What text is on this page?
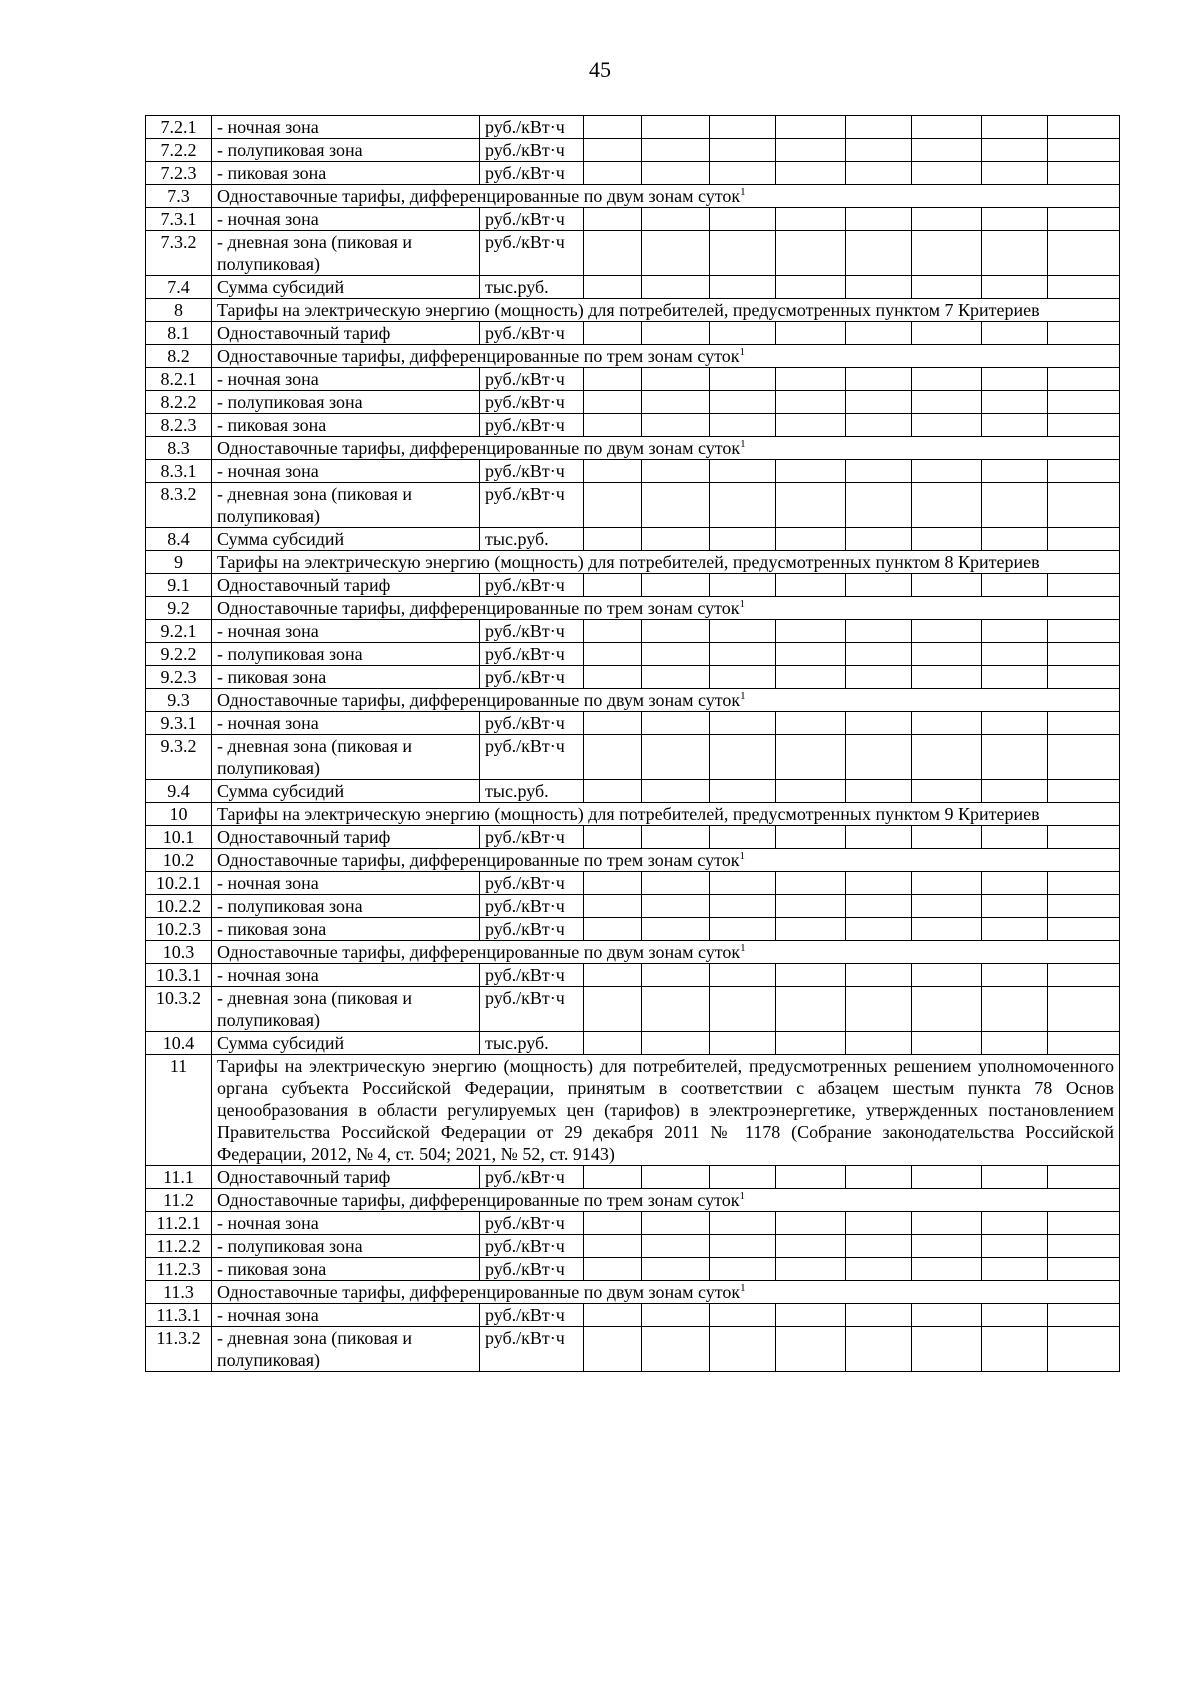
45
7.2.1	- ночная зона	руб./кВт·ч								
7.2.2	- полупиковая зона	руб./кВт·ч								
7.2.3	- пиковая зона	руб./кВт·ч								
7.3	Одноставочные тарифы, дифференцированные по двум зонам суток$^1$
7.3.1	- ночная зона	руб./кВт·ч								
7.3.2	- дневная зона (пиковая и полупиковая)	руб./кВт·ч								
7.4	Сумма субсидий	тыс.руб.								
8	Тарифы на электрическую энергию (мощность) для потребителей, предусмотренных пунктом 7 Критериев									
8.1	Одноставочный тариф	руб./кВт·ч								
8.2	Одноставочные тарифы, дифференцированные по трем зонам суток$^1$
8.2.1	- ночная зона	руб./кВт·ч								
8.2.2	- полупиковая зона	руб./кВт·ч								
8.2.3	- пиковая зона	руб./кВт·ч								
8.3	Одноставочные тарифы, дифференцированные по двум зонам суток$^1$
8.3.1	- ночная зона	руб./кВт·ч								
8.3.2	- дневная зона (пиковая и полупиковая)	руб./кВт·ч								
8.4	Сумма субсидий	тыс.руб.								
9	Тарифы на электрическую энергию (мощность) для потребителей, предусмотренных пунктом 8 Критериев									
9.1	Одноставочный тариф	руб./кВт·ч								
9.2	Одноставочные тарифы, дифференцированные по трем зонам суток$^1$
9.2.1	- ночная зона	руб./кВт·ч								
9.2.2	- полупиковая зона	руб./кВт·ч								
9.2.3	- пиковая зона	руб./кВт·ч								
9.3	Одноставочные тарифы, дифференцированные по двум зонам суток$^1$
9.3.1	- ночная зона	руб./кВт·ч								
9.3.2	- дневная зона (пиковая и полупиковая)	руб./кВт·ч								
9.4	Сумма субсидий	тыс.руб.								
10	Тарифы на электрическую энергию (мощность) для потребителей, предусмотренных пунктом 9 Критериев									
10.1	Одноставочный тариф	руб./кВт·ч								
10.2	Одноставочные тарифы, дифференцированные по трем зонам суток$^1$
10.2.1	- ночная зона	руб./кВт·ч								
10.2.2	- полупиковая зона	руб./кВт·ч								
10.2.3	- пиковая зона	руб./кВт·ч								
10.3	Одноставочные тарифы, дифференцированные по двум зонам суток$^1$
10.3.1	- ночная зона	руб./кВт·ч								
10.3.2	- дневная зона (пиковая и полупиковая)	руб./кВт·ч								
10.4	Сумма субсидий	тыс.руб.								
11	Тарифы на электрическую энергию (мощность) для потребителей, предусмотренных решением уполномоченного органа субъекта Российской Федерации, принятым в соответствии с абзацем шестым пункта 78 Основ ценообразования в области регулируемых цен (тарифов) в электроэнергетике, утвержденных постановлением Правительства Российской Федерации от 29 декабря 2011 № 1178 (Собрание законодательства Российской Федерации, 2012, № 4, ст. 504; 2021, № 52, ст. 9143)									
11.1	Одноставочный тариф	руб./кВт·ч								
11.2	Одноставочные тарифы, дифференцированные по трем зонам суток$^1$
11.2.1	- ночная зона	руб./кВт·ч								
11.2.2	- полупиковая зона	руб./кВт·ч								
11.2.3	- пиковая зона	руб./кВт·ч								
11.3	Одноставочные тарифы, дифференцированные по двум зонам суток$^1$
11.3.1	- ночная зона	руб./кВт·ч								
11.3.2	- дневная зона (пиковая и полупиковая)	руб./кВт·ч								
